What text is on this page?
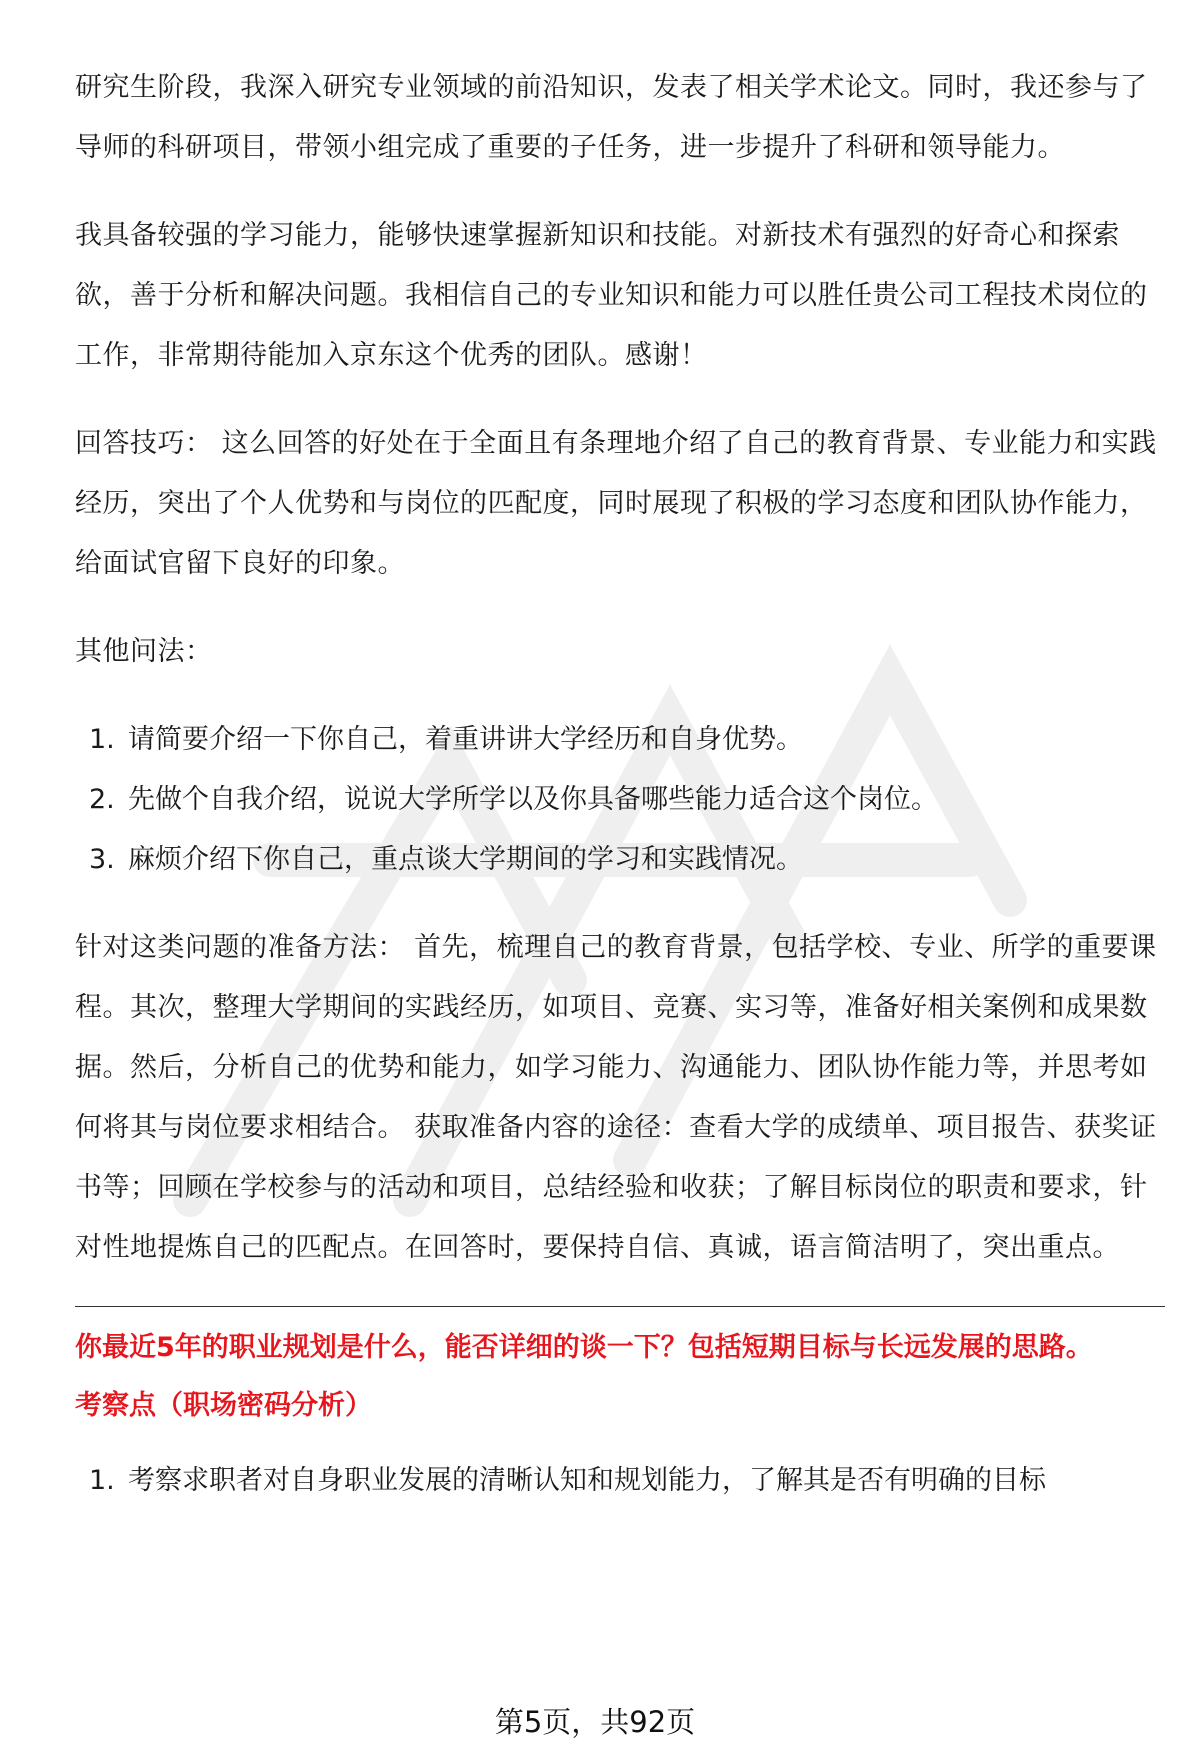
研究生阶段，我深入研究专业领域的前沿知识，发表了相关学术论文。同时，我还参与了导师的科研项目，带领小组完成了重要的子任务，进一步提升了科研和领导能力。

我具备较强的学习能力，能够快速掌握新知识和技能。对新技术有强烈的好奇心和探索欲，善于分析和解决问题。我相信自己的专业知识和能力可以胜任贵公司工程技术岗位的工作，非常期待能加入京东这个优秀的团队。感谢！

回答技巧： 这么回答的好处在于全面且有条理地介绍了自己的教育背景、专业能力和实践经历，突出了个人优势和与岗位的匹配度，同时展现了积极的学习态度和团队协作能力，给面试官留下良好的印象。

其他问法：

1. 请简要介绍一下你自己，着重讲讲大学经历和自身优势。
2. 先做个自我介绍，说说大学所学以及你具备哪些能力适合这个岗位。
3. 麻烦介绍下你自己，重点谈大学期间的学习和实践情况。

针对这类问题的准备方法： 首先，梳理自己的教育背景，包括学校、专业、所学的重要课程。其次，整理大学期间的实践经历，如项目、竞赛、实习等，准备好相关案例和成果数据。然后，分析自己的优势和能力，如学习能力、沟通能力、团队协作能力等，并思考如何将其与岗位要求相结合。 获取准备内容的途径：查看大学的成绩单、项目报告、获奖证书等；回顾在学校参与的活动和项目，总结经验和收获；了解目标岗位的职责和要求，针对性地提炼自己的匹配点。在回答时，要保持自信、真诚，语言简洁明了，突出重点。

你最近5年的职业规划是什么，能否详细的谈一下？包括短期目标与长远发展的思路。
考察点（职场密码分析）
1. 考察求职者对自身职业发展的清晰认知和规划能力，了解其是否有明确的目标
第5页，共92页
